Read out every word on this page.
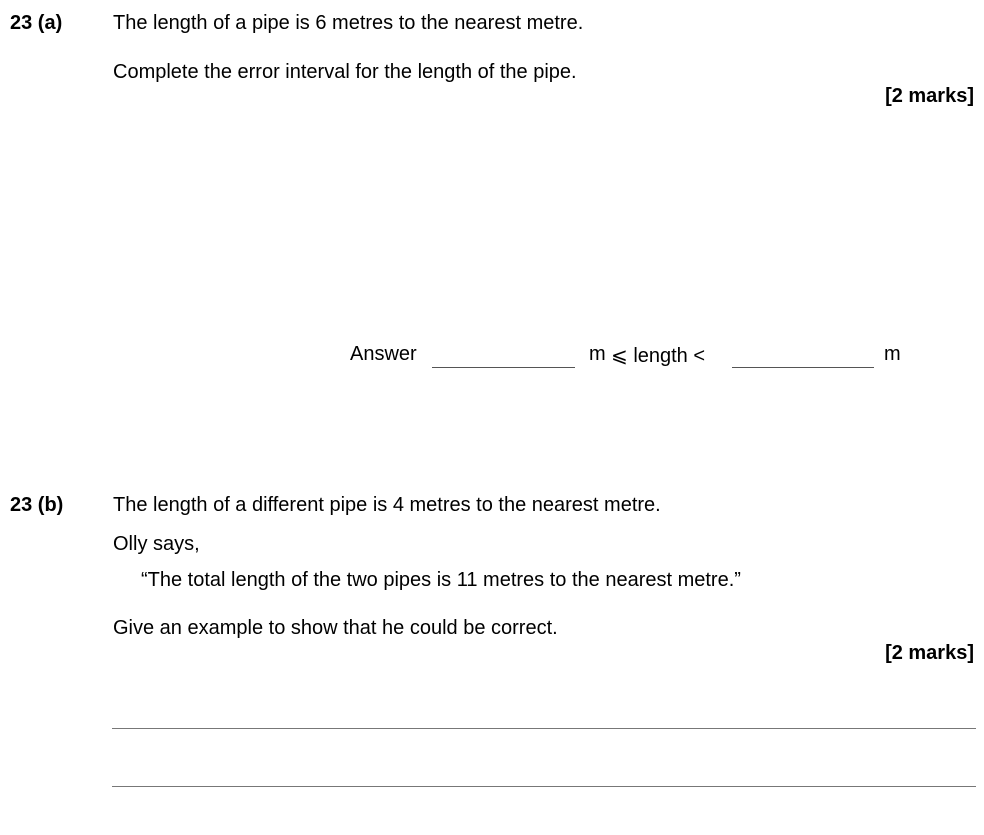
23 (a)	The length of a pipe is 6 metres to the nearest metre.
Complete the error interval for the length of the pipe.
[2 marks]
Answer	m ⩽ length <	m
23 (b) The length of a different pipe is 4 metres to the nearest metre.
Olly says,
“The total length of the two pipes is 11 metres to the nearest metre.”
Give an example to show that he could be correct.
[2 marks]
